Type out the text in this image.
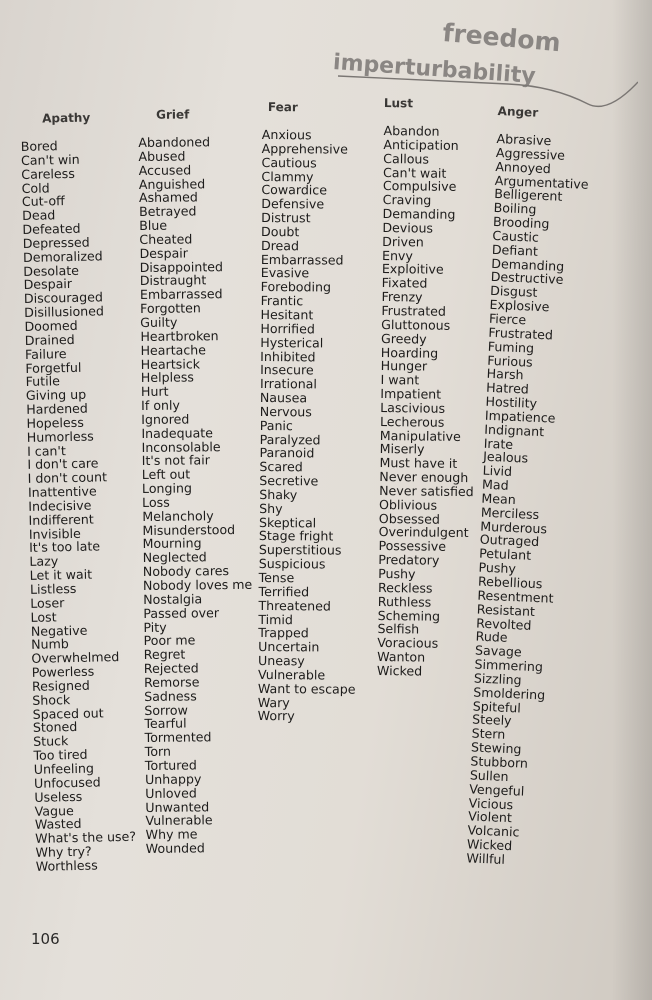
freedom
imperturbability
Apathy
Bored
Can't win
Careless
Cold
Cut-off
Dead
Defeated
Depressed
Demoralized
Desolate
Despair
Discouraged
Disillusioned
Doomed
Drained
Failure
Forgetful
Futile
Giving up
Hardened
Hopeless
Humorless
I can't
I don't care
I don't count
Inattentive
Indecisive
Indifferent
Invisible
It's too late
Lazy
Let it wait
Listless
Loser
Lost
Negative
Numb
Overwhelmed
Powerless
Resigned
Shock
Spaced out
Stoned
Stuck
Too tired
Unfeeling
Unfocused
Useless
Vague
Wasted
What's the use?
Why try?
Worthless
Grief
Abandoned
Abused
Accused
Anguished
Ashamed
Betrayed
Blue
Cheated
Despair
Disappointed
Distraught
Embarrassed
Forgotten
Guilty
Heartbroken
Heartache
Heartsick
Helpless
Hurt
If only
Ignored
Inadequate
Inconsolable
It's not fair
Left out
Longing
Loss
Melancholy
Misunderstood
Mourning
Neglected
Nobody cares
Nobody loves me
Nostalgia
Passed over
Pity
Poor me
Regret
Rejected
Remorse
Sadness
Sorrow
Tearful
Tormented
Torn
Tortured
Unhappy
Unloved
Unwanted
Vulnerable
Why me
Wounded
Fear
Anxious
Apprehensive
Cautious
Clammy
Cowardice
Defensive
Distrust
Doubt
Dread
Embarrassed
Evasive
Foreboding
Frantic
Hesitant
Horrified
Hysterical
Inhibited
Insecure
Irrational
Nausea
Nervous
Panic
Paralyzed
Paranoid
Scared
Secretive
Shaky
Shy
Skeptical
Stage fright
Superstitious
Suspicious
Tense
Terrified
Threatened
Timid
Trapped
Uncertain
Uneasy
Vulnerable
Want to escape
Wary
Worry
Lust
Abandon
Anticipation
Callous
Can't wait
Compulsive
Craving
Demanding
Devious
Driven
Envy
Exploitive
Fixated
Frenzy
Frustrated
Gluttonous
Greedy
Hoarding
Hunger
I want
Impatient
Lascivious
Lecherous
Manipulative
Miserly
Must have it
Never enough
Never satisfied
Oblivious
Obsessed
Overindulgent
Possessive
Predatory
Pushy
Reckless
Ruthless
Scheming
Selfish
Voracious
Wanton
Wicked
Anger
Abrasive
Aggressive
Annoyed
Argumentative
Belligerent
Boiling
Brooding
Caustic
Defiant
Demanding
Destructive
Disgust
Explosive
Fierce
Frustrated
Fuming
Furious
Harsh
Hatred
Hostility
Impatience
Indignant
Irate
Jealous
Livid
Mad
Mean
Merciless
Murderous
Outraged
Petulant
Pushy
Rebellious
Resentment
Resistant
Revolted
Rude
Savage
Simmering
Sizzling
Smoldering
Spiteful
Steely
Stern
Stewing
Stubborn
Sullen
Vengeful
Vicious
Violent
Volcanic
Wicked
Willful
106
